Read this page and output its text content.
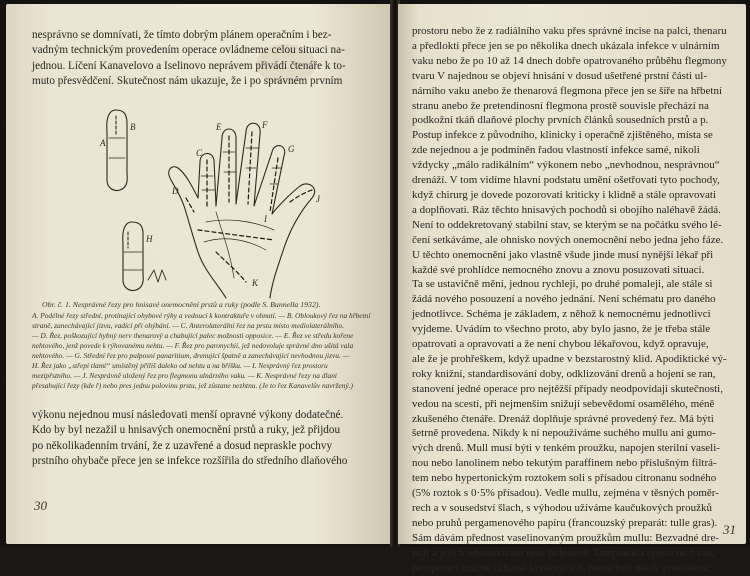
nesprávno se domnívati, že tímto dobrým plánem operačním i bez-
vadným technickým provedením operace ovládneme celou situaci na-
jednou. Líčení Kanavelovo a Iselinovo neprávem přivádí čtenáře k to-
muto přesvědčení. Skutečnost nám ukazuje, že i po správném prvním
A
B
C
D
E	F
G
H
I
J
K
Obr. č. 1. Nesprávné řezy pro hnisavé onemocnění prstů a ruky (podle S. Bunnella 1932).
A. Podélné řezy střední, protínající ohybové rýhy a vedoucí k kontraktuře v ohnutí. — B. Obloukový řez na hřbetní
straně, zanechávající jizvu, vadící při ohýbání. — C. Anterolaterální řez na prstu místo mediolaterálního.
— D. Řez, poškozující hybný nerv thenarový a chabující palec možnosti opposice. — E. Řez ve středu kořene
nehtového, jenž povede k rýhovanému nehtu. — F. Řez pro paronychii, jež nedovoluje správné dno ušitá vala
nehtového. — G. Střední řez pro pulposní panaritium, drenující špatně a zanechávající nevhodnou jizvu. —
H. Řez jako „střepí tlamí“ umístěný příliš daleko od nehtu a na bříšku. — I. Nesprávný řez prostoru
mezipřstního. — J. Nesprávně uložený řez pro flegmonu ulnárního vaku. — K. Nesprávné řezy na dlani
přesahující řezy (kde ř) nebo pres jednu polovinu prstu, jež zůstane nezhtnu. (Je to řez Kanavelův navržený.)
výkonu nejednou musí následovati menší opravné výkony dodatečné.
Kdo by byl nezažil u hnisavých onemocnění prstů a ruky, jež přijdou
po několikadenním trvání, že z uzavřené a dosud nepraskle pochvy
prstního ohybače přece jen se infekce rozšířila do středního dlaňového
30
prostoru nebo že z radiálního vaku přes správné incise na palci, thenaru
a předloktí přece jen se po několika dnech ukázala infekce v ulnárním
vaku nebo že po 10 až 14 dnech dobře opatrovaného průběhu flegmony
tvaru V najednou se objeví hnisání v dosud ušetřené prstní části ul-
nárního vaku anebo že thenarová flegmona přece jen se šíře na hřbetní
stranu anebo že pretendinosní flegmona prostě souvisle přechází na
podkožní tkáň dlaňové plochy prvních článků sousedních prstů a p.
Postup infekce z původního, klinicky i operačně zjištěného, místa se
zde nejednou a je podmíněn řadou vlastností infekce samé, nikoli
vždycky „málo radikálním“ výkonem nebo „nevhodnou, nesprávnou“
drenáží. V tom vidíme hlavní podstatu umění ošetřovati tyto pochody,
když chirurg je dovede pozorovati kriticky i klidně a stále opravovati
a doplňovati. Ráz těchto hnisavých pochodů si obojího naléhavě žádá.
Není to oddekretovaný stabilní stav, se kterým se na počátku svého lé-
čení setkáváme, ale ohnisko nových onemocnění nebo jedna jeho fáze.
U těchto onemocnění jako vlastně všude jinde musí nynější lékař při
každé své prohlídce nemocného znovu a znovu posuzovati situaci.
Ta se ustavičně mění, jednou rychleji, po druhé pomaleji, ale stále si
žádá nového posouzení a nového jednání. Není schématu pro daného
jednotlivce. Schéma je základem, z něhož k nemocnému jednotlivci
vyjdeme. Uvádím to všechno proto, aby bylo jasno, že je třeba stále
opatrovati a opravovati a že není chybou lékařovou, když opravuje,
ale že je prohřeškem, když upadne v bezstarostný klid. Apodiktické vý-
roky knižní, standardisování doby, odklizování drenů a hojení se ran,
stanovení jedné operace pro nejtěžší případy neodpovídají skutečnosti,
vedou na scestí, při nejmenším snižují sebevědomí osamělého, méně
zkušeného čtenáře. Drenáž doplňuje správné provedený řez. Má býti
šetrně provedena. Nikdy k ní nepoužíváme suchého mullu ani gumo-
vých drenů. Mull musí býti v tenkém proužku, napojen sterilní vaseli-
nou nebo lanolinem nebo tekutým paraffinem nebo příslušným filtrá-
tem nebo hypertonickým roztokem soli s přísadou citronanu sodného
(5% roztok s 0·5% přísadou). Vedle mullu, zejména v těsných poměr-
rech a v sousedství šlach, s výhodou užíváme kaučukových proužků
nebo pruhů pergamenového papíru (francouzský preparát: tulle gras).
Sám dávám přednost vaselinovaným proužkům mullu: Bezvadné dre-
nují a jejich odstraňování není bolestivé. Tamponáda operačních ran,
po operaci značně difusně krvácejících, nemá býti nikdy prováděna;
31
